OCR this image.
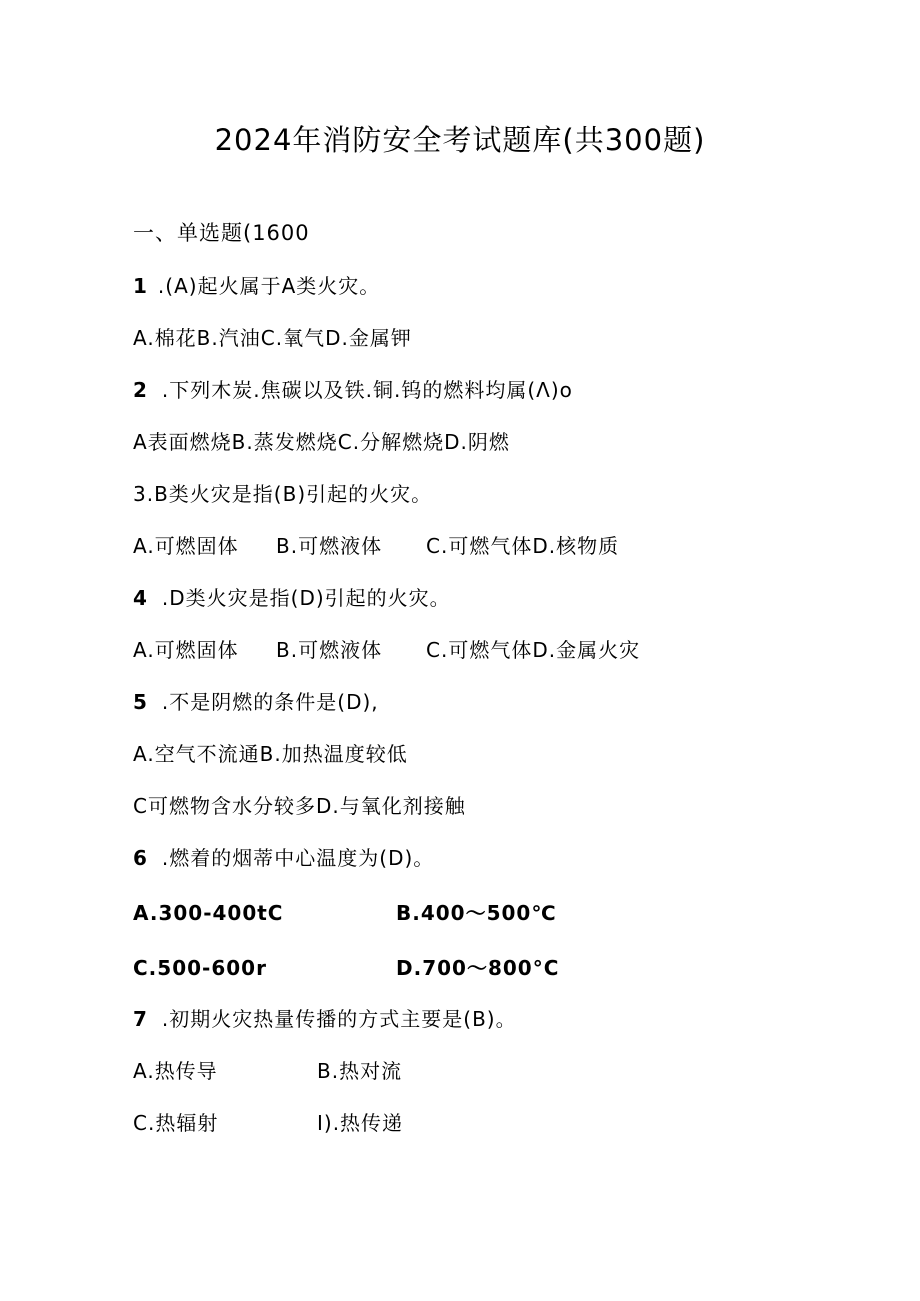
2024年消防安全考试题库(共300题)
一、单选题(1600
1 .(A)起火属于A类火灾。
A.棉花B.汽油C.氧气D.金属钾
2 .下列木炭.焦碳以及铁.铜.钨的燃料均属(Λ)o
A表面燃烧B.蒸发燃烧C.分解燃烧D.阴燃
3.B类火灾是指(B)引起的火灾。
A.可燃固体 B.可燃液体 C.可燃气体D.核物质
4 .D类火灾是指(D)引起的火灾。
A.可燃固体 B.可燃液体 C.可燃气体D.金属火灾
5 .不是阴燃的条件是(D),
A.空气不流通B.加热温度较低
C可燃物含水分较多D.与氧化剂接触
6 .燃着的烟蒂中心温度为(D)。
A.300-400tC	B.400〜500℃
C.500-600r	D.700〜800°C
7 .初期火灾热量传播的方式主要是(B)。
A.热传导	B.热对流
C.热辐射	I).热传递
